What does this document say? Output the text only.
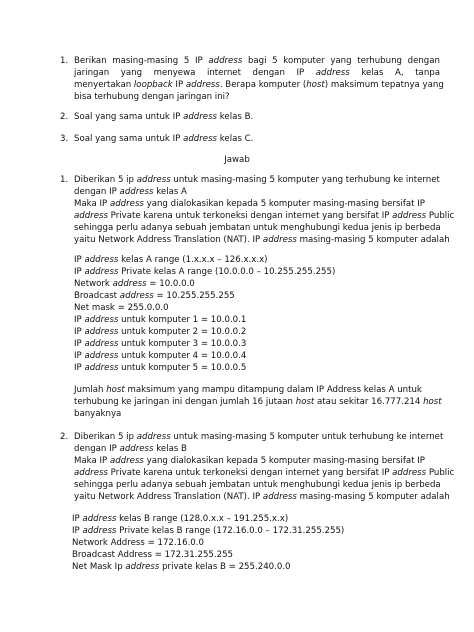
1. Berikan masing-masing 5 IP address bagi 5 komputer yang terhubung dengan
jaringan yang menyewa internet dengan IP address kelas A, tanpa
menyertakan loopback IP address. Berapa komputer (host) maksimum tepatnya yang
bisa terhubung dengan jaringan ini?
2. Soal yang sama untuk IP address kelas B.
3. Soal yang sama untuk IP address kelas C.
Jawab
1. Diberikan 5 ip address untuk masing-masing 5 komputer yang terhubung ke internet
dengan IP address kelas A
Maka IP address yang dialokasikan kepada 5 komputer masing-masing bersifat IP
address Private karena untuk terkoneksi dengan internet yang bersifat IP address Public
sehingga perlu adanya sebuah jembatan untuk menghubungi kedua jenis ip berbeda
yaitu Network Address Translation (NAT). IP address masing-masing 5 komputer adalah
IP address kelas A range (1.x.x.x – 126.x.x.x)
IP address Private kelas A range (10.0.0.0 – 10.255.255.255)
Network address = 10.0.0.0
Broadcast address = 10.255.255.255
Net mask = 255.0.0.0
IP address untuk komputer 1 = 10.0.0.1
IP address untuk komputer 2 = 10.0.0.2
IP address untuk komputer 3 = 10.0.0.3
IP address untuk komputer 4 = 10.0.0.4
IP address untuk komputer 5 = 10.0.0.5
Jumlah host maksimum yang mampu ditampung dalam IP Address kelas A untuk
terhubung ke jaringan ini dengan jumlah 16 jutaan host atau sekitar 16.777.214 host
banyaknya
2. Diberikan 5 ip address untuk masing-masing 5 komputer untuk terhubung ke internet
dengan IP address kelas B
Maka IP address yang dialokasikan kepada 5 komputer masing-masing bersifat IP
address Private karena untuk terkoneksi dengan internet yang bersifat IP address Public
sehingga perlu adanya sebuah jembatan untuk menghubungi kedua jenis ip berbeda
yaitu Network Address Translation (NAT). IP address masing-masing 5 komputer adalah
IP address kelas B range (128.0.x.x – 191.255.x.x)
IP address Private kelas B range (172.16.0.0 – 172.31.255.255)
Network Address = 172.16.0.0
Broadcast Address = 172.31.255.255
Net Mask Ip address private kelas B = 255.240.0.0
